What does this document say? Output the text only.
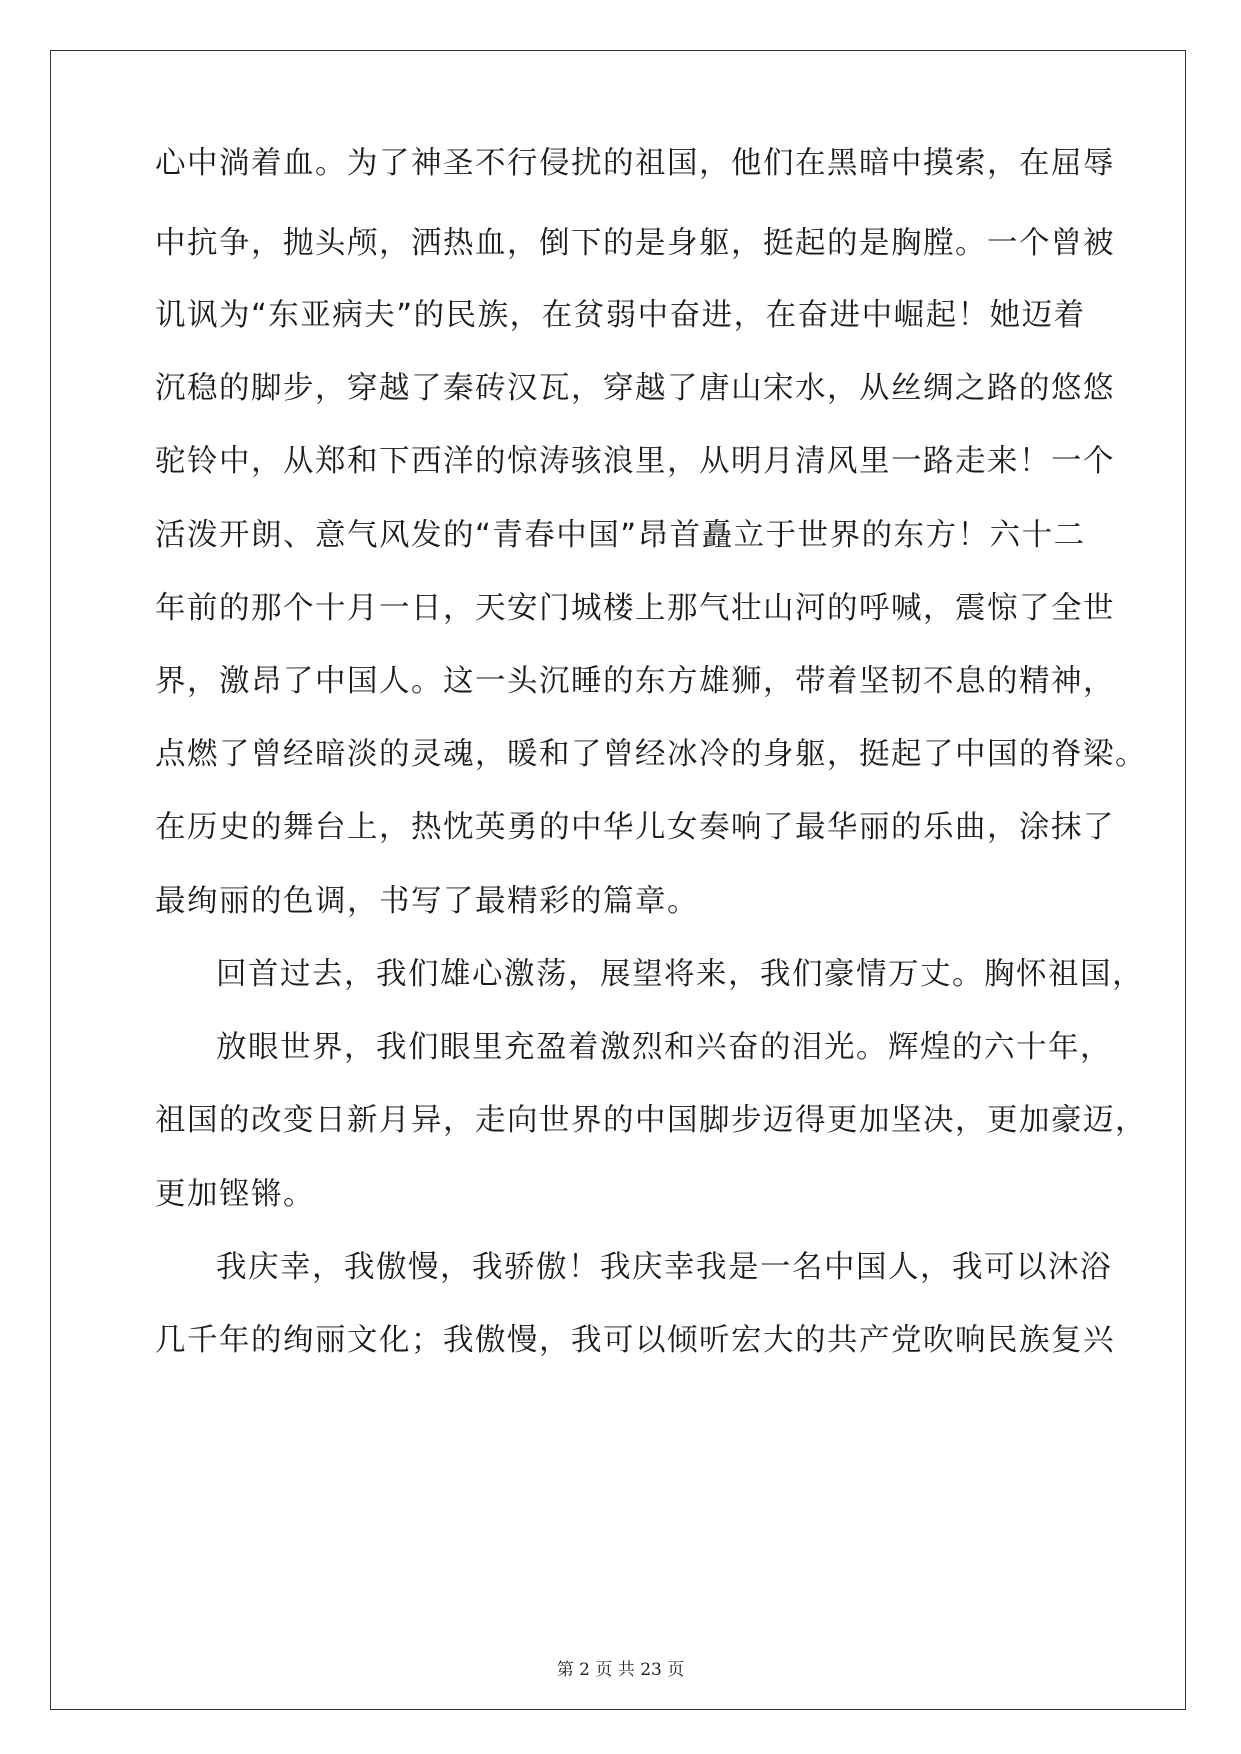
心中淌着血。为了神圣不行侵扰的祖国，他们在黑暗中摸索，在屈辱
中抗争，抛头颅，洒热血，倒下的是身躯，挺起的是胸膛。一个曾被
讥讽为“东亚病夫”的民族，在贫弱中奋进，在奋进中崛起！她迈着
沉稳的脚步，穿越了秦砖汉瓦，穿越了唐山宋水，从丝绸之路的悠悠
驼铃中，从郑和下西洋的惊涛骇浪里，从明月清风里一路走来！一个
活泼开朗、意气风发的“青春中国”昂首矗立于世界的东方！六十二
年前的那个十月一日，天安门城楼上那气壮山河的呼喊，震惊了全世
界，激昂了中国人。这一头沉睡的东方雄狮，带着坚韧不息的精神，
点燃了曾经暗淡的灵魂，暖和了曾经冰冷的身躯，挺起了中国的脊梁。
在历史的舞台上，热忱英勇的中华儿女奏响了最华丽的乐曲，涂抹了
最绚丽的色调，书写了最精彩的篇章。
回首过去，我们雄心激荡，展望将来，我们豪情万丈。胸怀祖国，
放眼世界，我们眼里充盈着激烈和兴奋的泪光。辉煌的六十年，
祖国的改变日新月异，走向世界的中国脚步迈得更加坚决，更加豪迈，
更加铿锵。
我庆幸，我傲慢，我骄傲！我庆幸我是一名中国人，我可以沐浴
几千年的绚丽文化；我傲慢，我可以倾听宏大的共产党吹响民族复兴
第 2 页 共 23 页
